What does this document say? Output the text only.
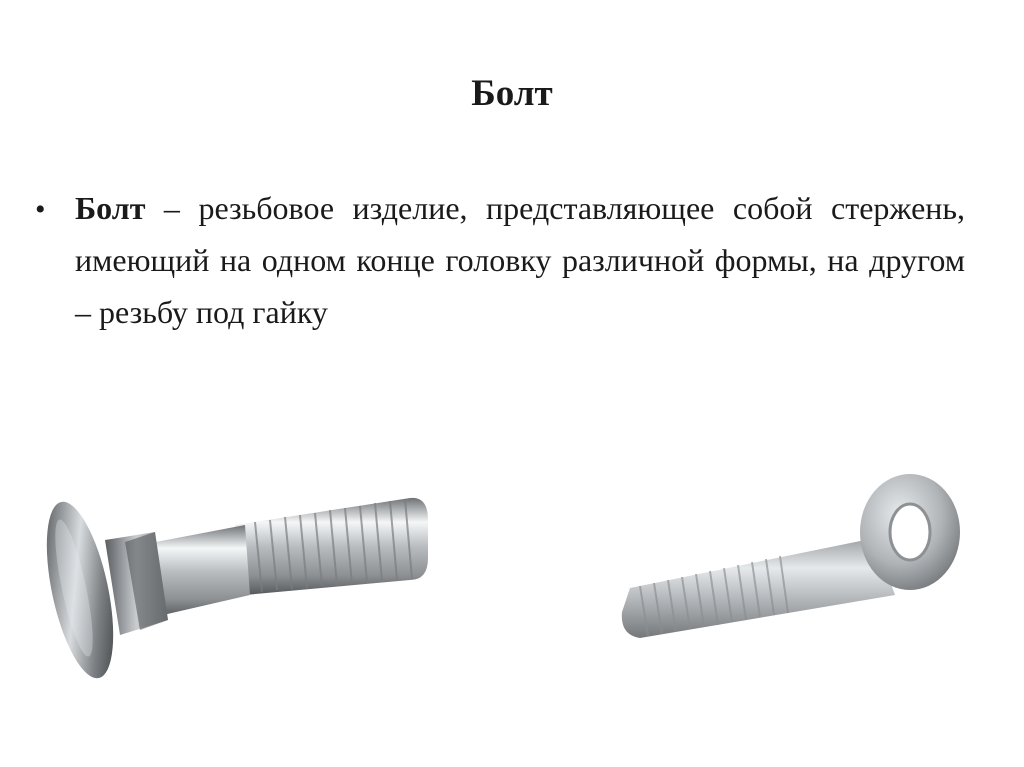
Болт
• Болт – резьбовое изделие, представляющее собой стержень, имеющий на одном конце головку различной формы, на другом – резьбу под гайку
